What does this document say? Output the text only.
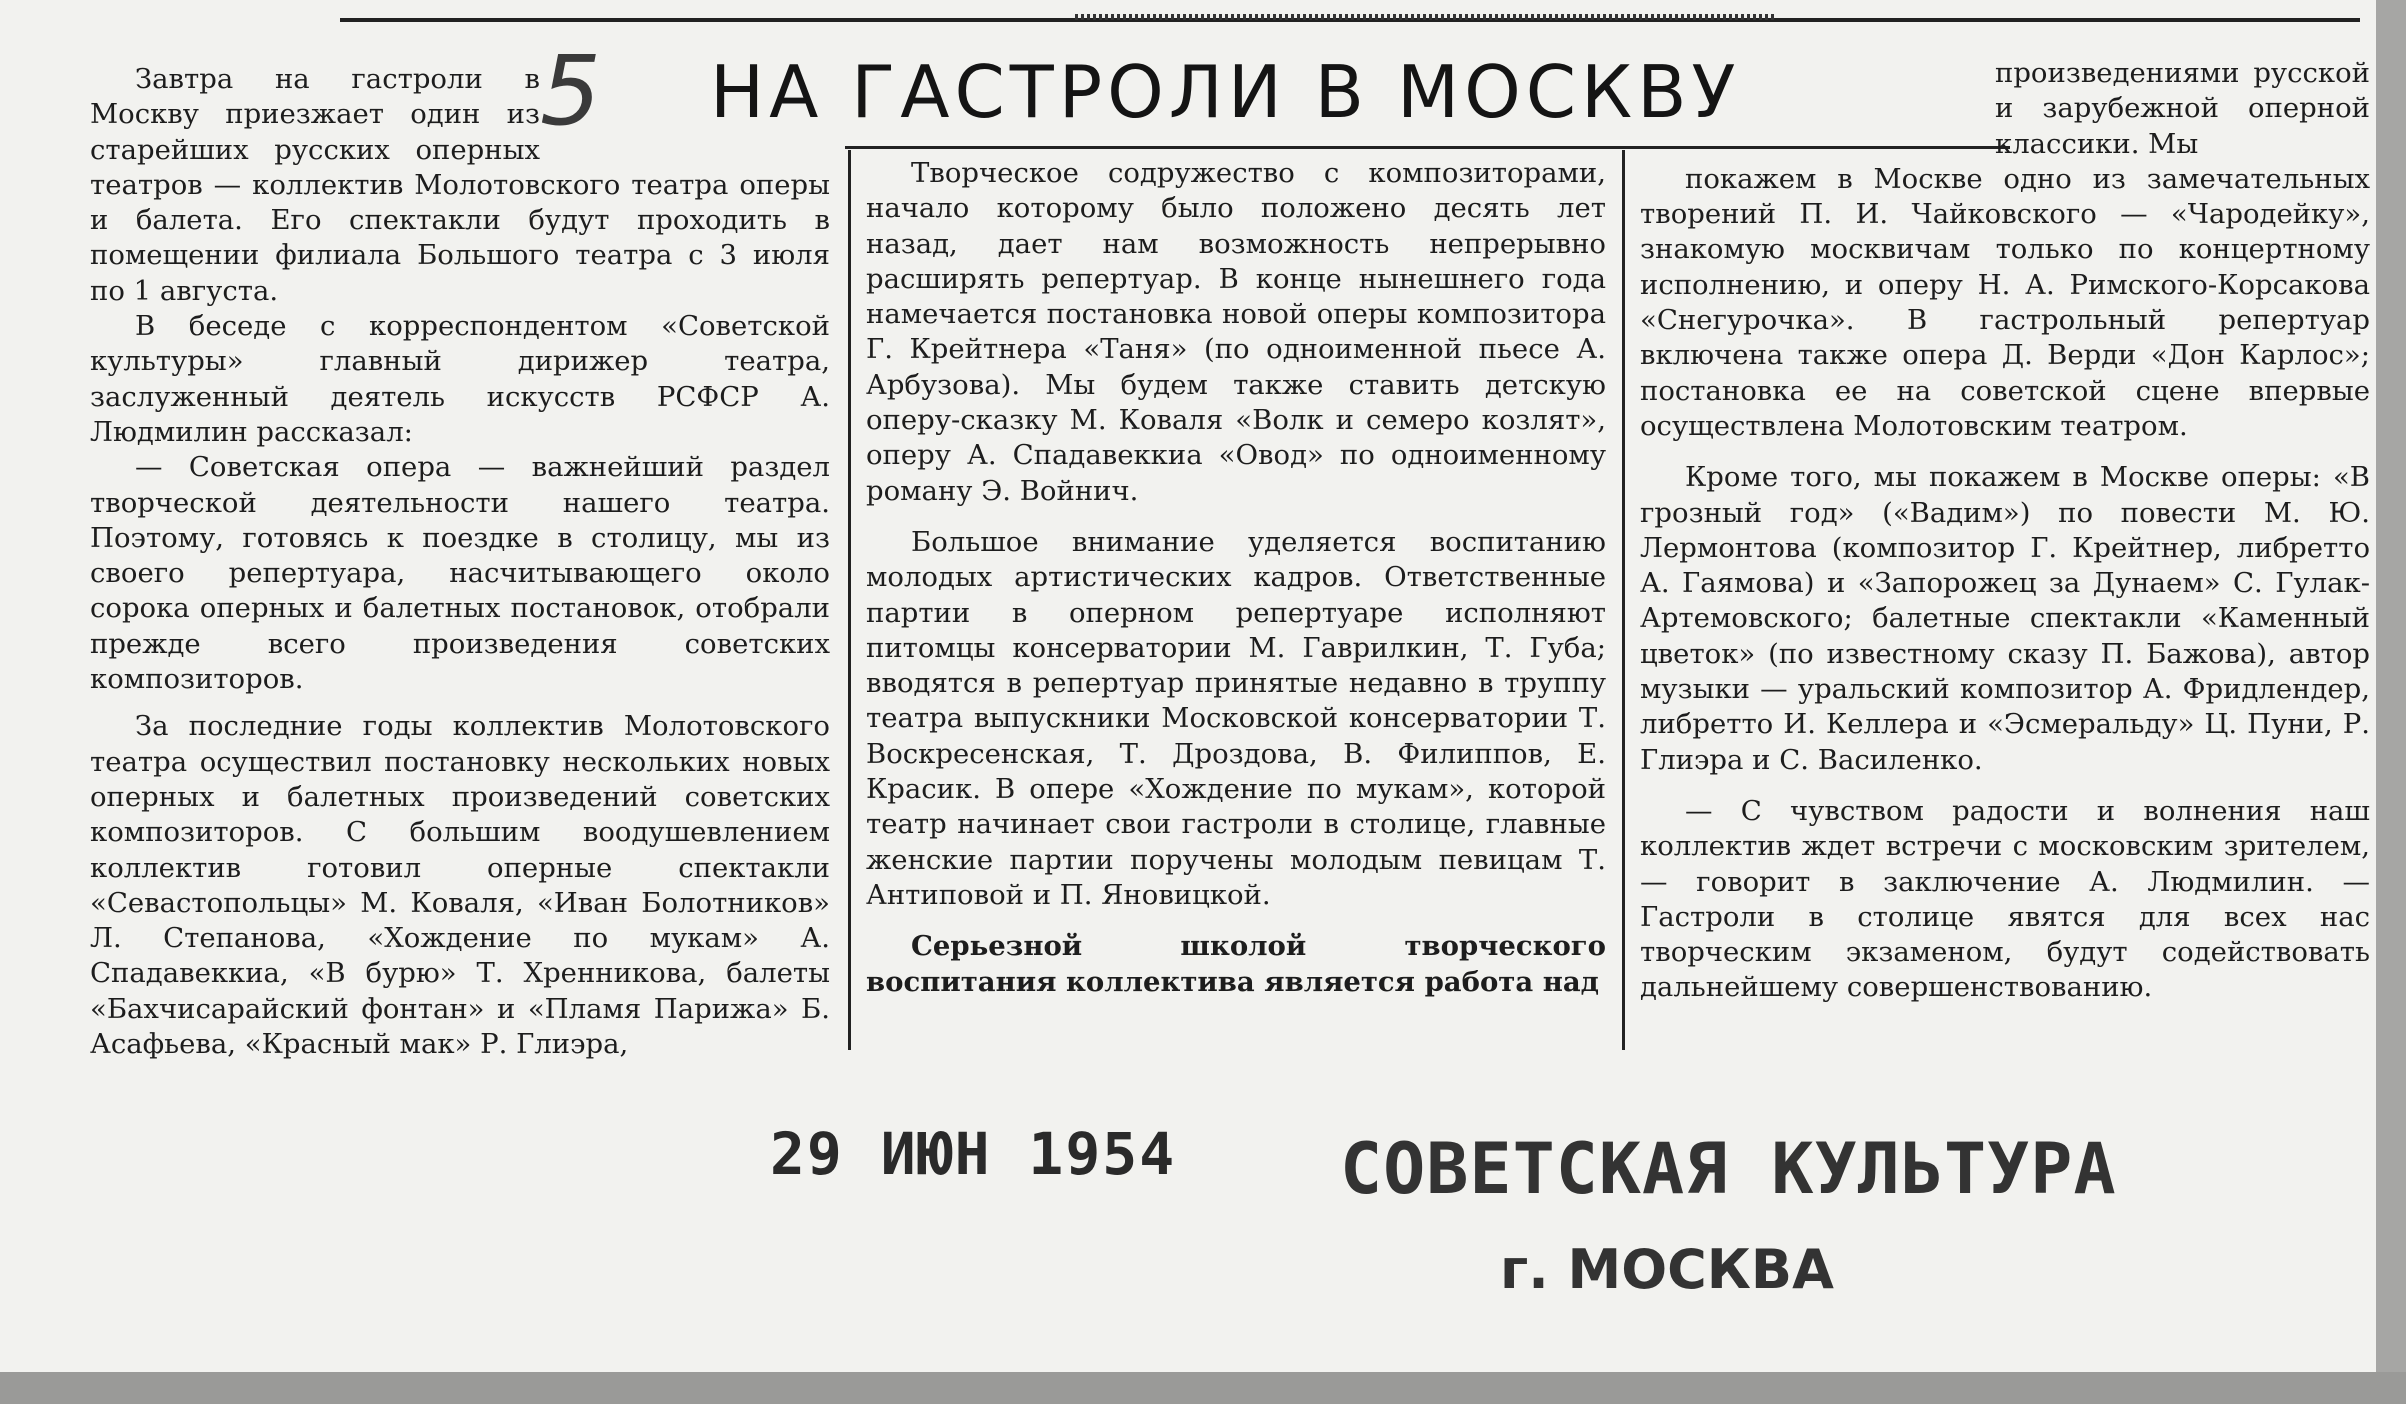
5 НА ГАСТРОЛИ В МОСКВУ

Завтра на гастроли в Москву приезжает один из старейших русских оперных театров — коллектив Молотовского театра оперы и балета. Его спектакли будут проходить в помещении филиала Большого театра с 3 июля по 1 августа.

В беседе с корреспондентом «Советской культуры» главный дирижер театра, заслуженный деятель искусств РСФСР А. Людмилин рассказал:

— Советская опера — важнейший раздел творческой деятельности нашего театра. Поэтому, готовясь к поездке в столицу, мы из своего репертуара, насчитывающего около сорока оперных и балетных постановок, отобрали прежде всего произведения советских композиторов.

За последние годы коллектив Молотовского театра осуществил постановку нескольких новых оперных и балетных произведений советских композиторов. С большим воодушевлением коллектив готовил оперные спектакли «Севастопольцы» М. Коваля, «Иван Болотников» Л. Степанова, «Хождение по мукам» А. Спадавеккиа, «В бурю» Т. Хренникова, балеты «Бахчисарайский фонтан» и «Пламя Парижа» Б. Асафьева, «Красный мак» Р. Глиэра,

Творческое содружество с композиторами, начало которому было положено десять лет назад, дает нам возможность непрерывно расширять репертуар. В конце нынешнего года намечается постановка новой оперы композитора Г. Крейтнера «Таня» (по одноименной пьесе А. Арбузова). Мы будем также ставить детскую оперу-сказку М. Коваля «Волк и семеро козлят», оперу А. Спадавеккиа «Овод» по одноименному роману Э. Войнич.

Большое внимание уделяется воспитанию молодых артистических кадров. Ответственные партии в оперном репертуаре исполняют питомцы консерватории М. Гаврилкин, Т. Губа; вводятся в репертуар принятые недавно в труппу театра выпускники Московской консерватории Т. Воскресенская, Т. Дроздова, В. Филиппов, Е. Красик. В опере «Хождение по мукам», которой театр начинает свои гастроли в столице, главные женские партии поручены молодым певицам Т. Антиповой и П. Яновицкой.

Серьезной школой творческого воспитания коллектива является работа над

произведениями русской и зарубежной оперной классики. Мы

покажем в Москве одно из замечательных творений П. И. Чайковского — «Чародейку», знакомую москвичам только по концертному исполнению, и оперу Н. А. Римского-Корсакова «Снегурочка». В гастрольный репертуар включена также опера Д. Верди «Дон Карлос»; постановка ее на советской сцене впервые осуществлена Молотовским театром.

Кроме того, мы покажем в Москве оперы: «В грозный год» («Вадим») по повести М. Ю. Лермонтова (композитор Г. Крейтнер, либретто А. Гаямова) и «Запорожец за Дунаем» С. Гулак-Артемовского; балетные спектакли «Каменный цветок» (по известному сказу П. Бажова), автор музыки — уральский композитор А. Фридлендер, либретто И. Келлера и «Эсмеральду» Ц. Пуни, Р. Глиэра и С. Василенко.

— С чувством радости и волнения наш коллектив ждет встречи с московским зрителем, — говорит в заключение А. Людмилин. — Гастроли в столице явятся для всех нас творческим экзаменом, будут содействовать дальнейшему совершенствованию.

29 ИЮН 1954 СОВЕТСКАЯ КУЛЬТУРА
г. МОСКВА
